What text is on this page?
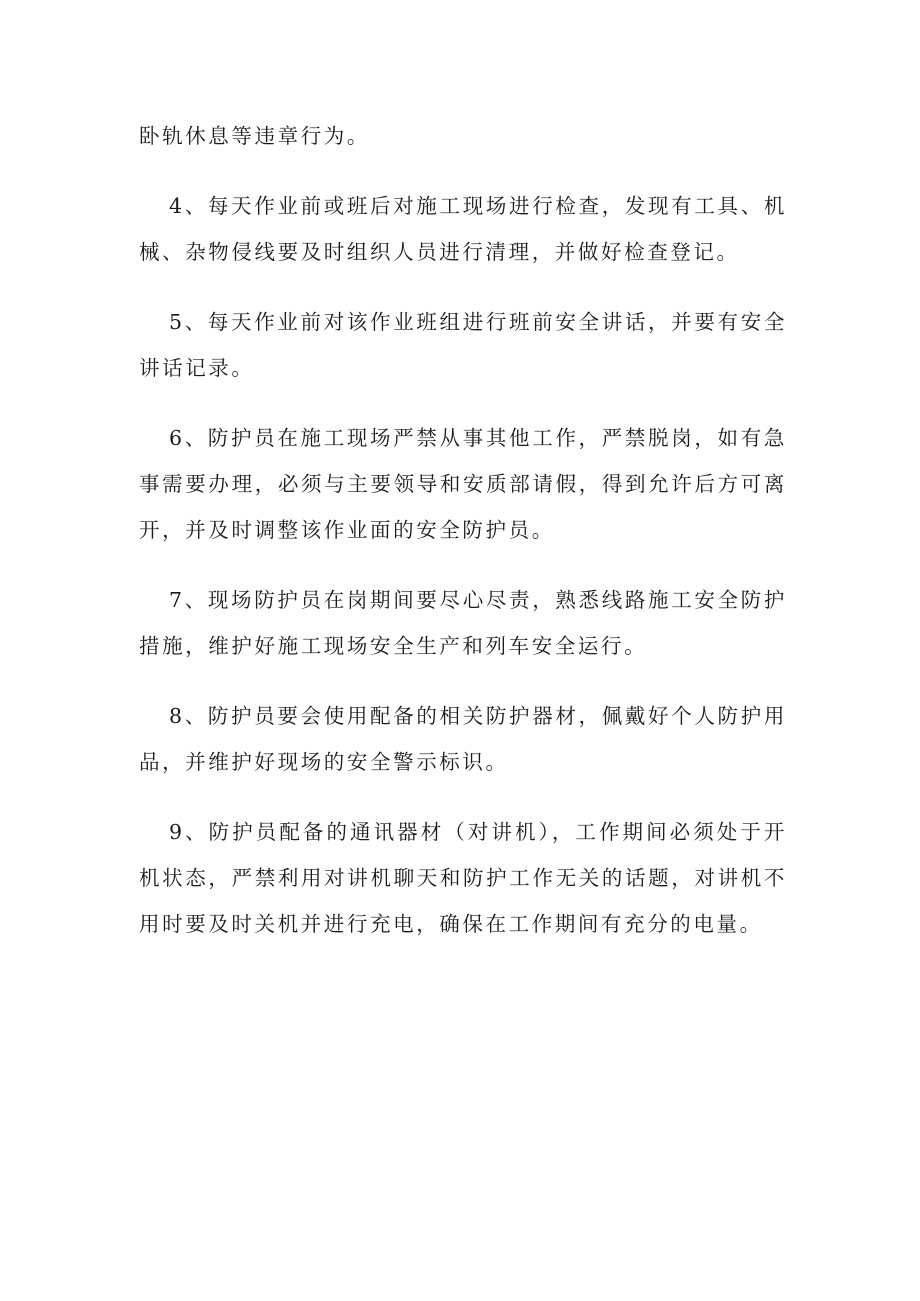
卧轨休息等违章行为。

4、每天作业前或班后对施工现场进行检查，发现有工具、机械、杂物侵线要及时组织人员进行清理，并做好检查登记。

5、每天作业前对该作业班组进行班前安全讲话，并要有安全讲话记录。

6、防护员在施工现场严禁从事其他工作，严禁脱岗，如有急事需要办理，必须与主要领导和安质部请假，得到允许后方可离开，并及时调整该作业面的安全防护员。

7、现场防护员在岗期间要尽心尽责，熟悉线路施工安全防护措施，维护好施工现场安全生产和列车安全运行。

8、防护员要会使用配备的相关防护器材，佩戴好个人防护用品，并维护好现场的安全警示标识。

9、防护员配备的通讯器材（对讲机），工作期间必须处于开机状态，严禁利用对讲机聊天和防护工作无关的话题，对讲机不用时要及时关机并进行充电，确保在工作期间有充分的电量。
